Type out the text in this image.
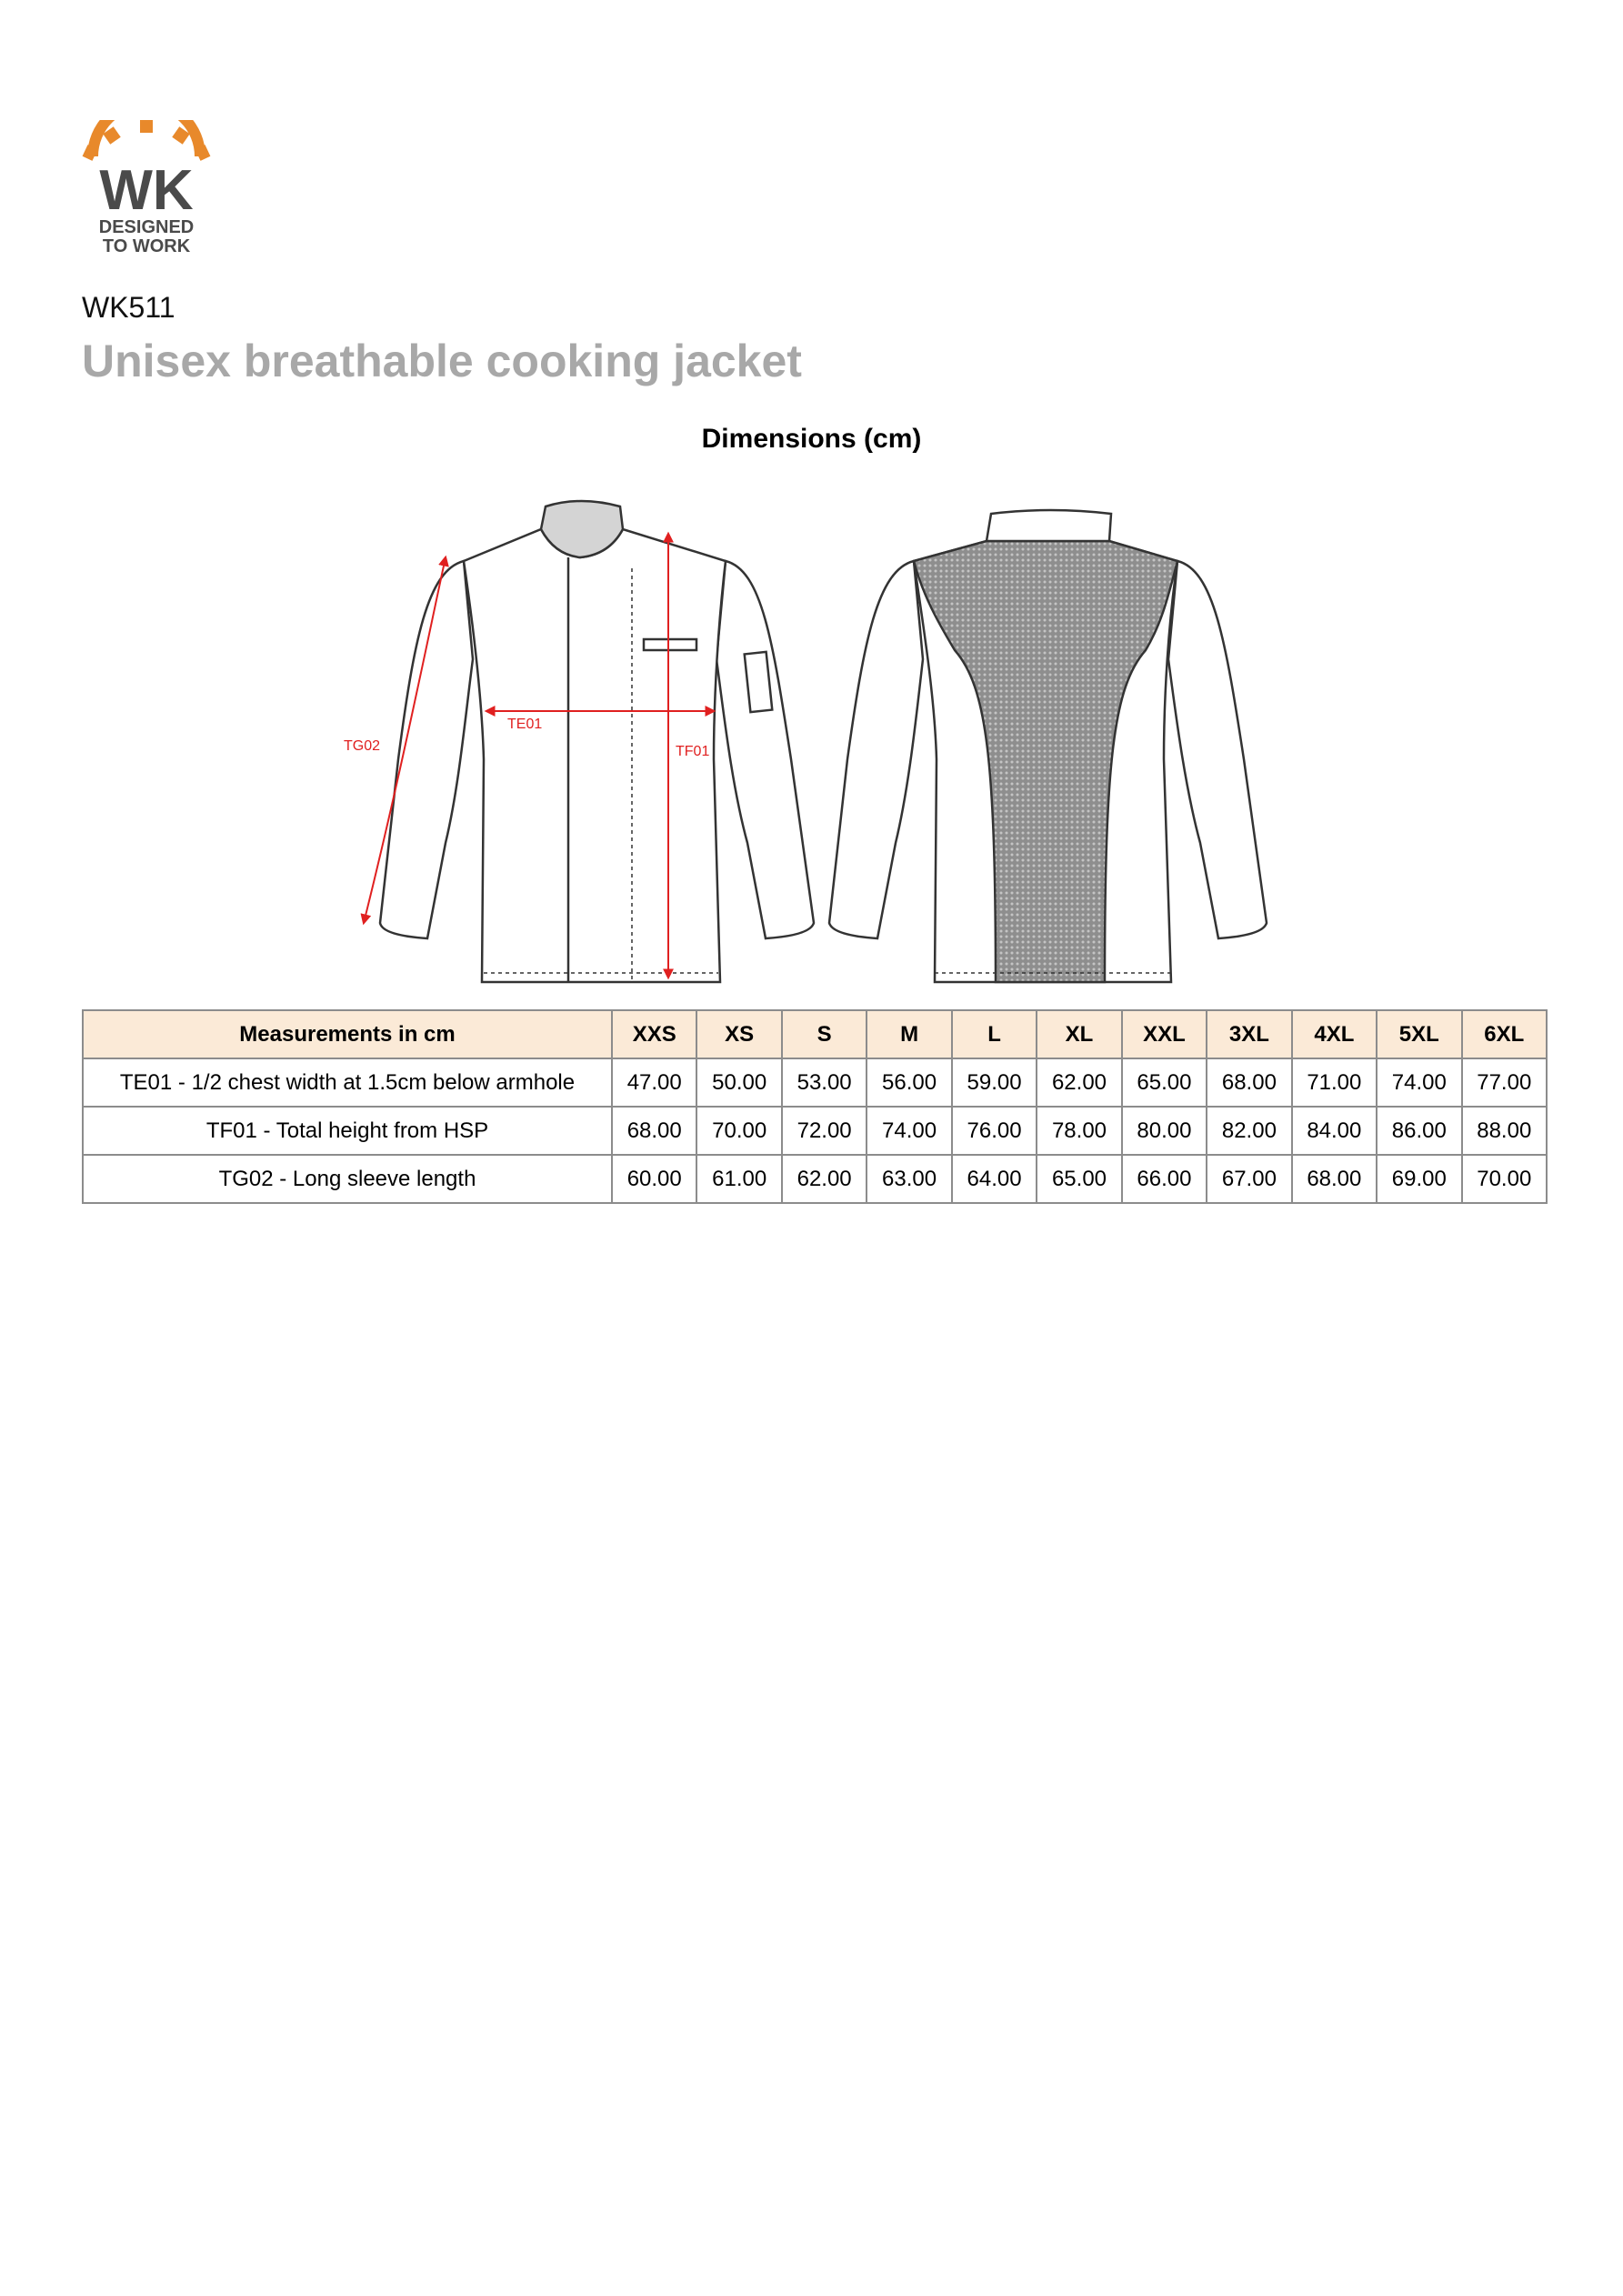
WK
DESIGNED
TO WORK
WK511
Unisex breathable cooking jacket
Dimensions (cm)
TE01
TF01
TG02
Measurements in cm	XXS	XS	S	M	L	XL	XXL	3XL	4XL	5XL	6XL
TE01 - 1/2 chest width at 1.5cm below armhole	47.00	50.00	53.00	56.00	59.00	62.00	65.00	68.00	71.00	74.00	77.00
TF01 - Total height from HSP	68.00	70.00	72.00	74.00	76.00	78.00	80.00	82.00	84.00	86.00	88.00
TG02 - Long sleeve length	60.00	61.00	62.00	63.00	64.00	65.00	66.00	67.00	68.00	69.00	70.00
